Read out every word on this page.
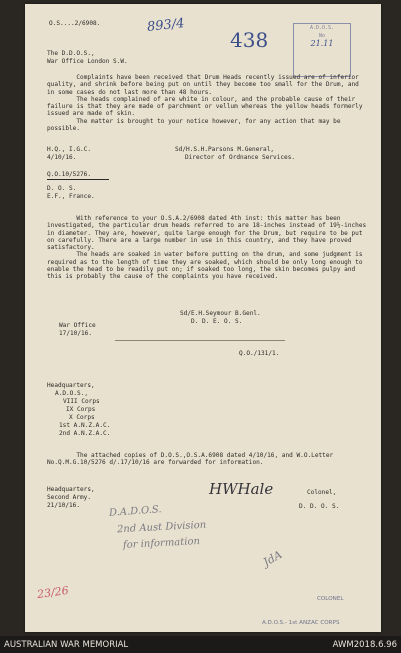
O.S....2/6908.	893/4
438	A.D.O.S.
No
21.11
The D.D.O.S.,
War Office London S.W.
Complaints have been received that Drum Heads recently issued are of inferior quality, and shrink before being put on until they become too small for the Drum, and in some cases do not last more than 48 hours.
The heads complained of are white in colour, and the probable cause of their failure is that they are made of parchment or vellum whereas the yellow heads formerly issued are made of skin.
The matter is brought to your notice however, for any action that may be possible.
H.Q., I.G.C.
4/10/16.
Sd/H.S.H.Parsons M.General,
Director of Ordnance Services.
Q.O.10/5276.
D. O. S.
E.F., France.
With reference to your O.S.A.2/6908 dated 4th inst: this matter has been investigated, the particular drum heads referred to are 18-inches instead of 19½-inches in diameter. They are, however, quite large enough for the Drum, but require to be put on carefully. There are a large number in use in this country, and they have proved satisfactory.
The heads are soaked in water before putting on the drum, and some judgment is required as to the length of time they are soaked, which should be only long enough to enable the head to be readily put on; if soaked too long, the skin becomes pulpy and this is probably the cause of the complaints you have received.
Sd/E.H.Seymour B.Genl.
D. D. E. O. S.
War Office
17/10/16.
Q.O./131/1.
Headquarters,
A.D.O.S.,
VIII Corps
IX Corps
X Corps
1st A.N.Z.A.C.
2nd A.N.Z.A.C.
The attached copies of D.O.S.,O.S.A.6908 dated 4/10/16, and W.O.Letter No.Q.M.G.10/5276 d/.17/10/16 are forwarded for information.
Headquarters,
Second Army.
21/10/16.
HWHale	Colonel,
D. D. O. S.
D.A.D.O.S.
2nd Aust Division
for information
JdA
23/26	COLONEL
A.D.O.S.- 1st ANZAC CORPS
AUSTRALIAN WAR MEMORIAL	AWM2018.6.96
